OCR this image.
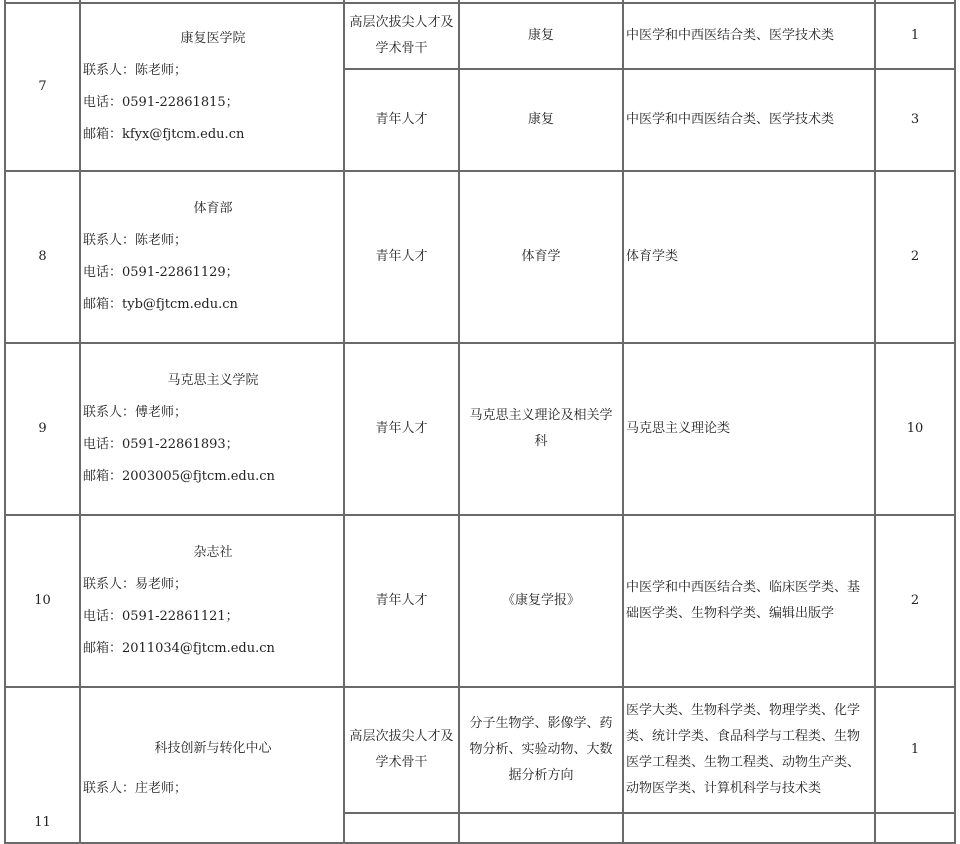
7	康复医学院
联系人：陈老师；
电话：0591-22861815；
邮箱：kfyx@fjtcm.edu.cn	高层次拔尖人才及学术骨干	康复	中医学和中西医结合类、医学技术类	1
		青年人才	康复	中医学和中西医结合类、医学技术类	3
8	体育部
联系人：陈老师；
电话：0591-22861129；
邮箱：tyb@fjtcm.edu.cn	青年人才	体育学	体育学类	2
9	马克思主义学院
联系人：傅老师；
电话：0591-22861893；
邮箱：2003005@fjtcm.edu.cn	青年人才	马克思主义理论及相关学科	马克思主义理论类	10
10	杂志社
联系人：易老师；
电话：0591-22861121；
邮箱：2011034@fjtcm.edu.cn	青年人才	《康复学报》	中医学和中西医结合类、临床医学类、基础医学类、生物科学类、编辑出版学	2
11	科技创新与转化中心
联系人：庄老师；	高层次拔尖人才及学术骨干	分子生物学、影像学、药物分析、实验动物、大数据分析方向	医学大类、生物科学类、物理学类、化学类、统计学类、食品科学与工程类、生物医学工程类、生物工程类、动物生产类、动物医学类、计算机科学与技术类	1
